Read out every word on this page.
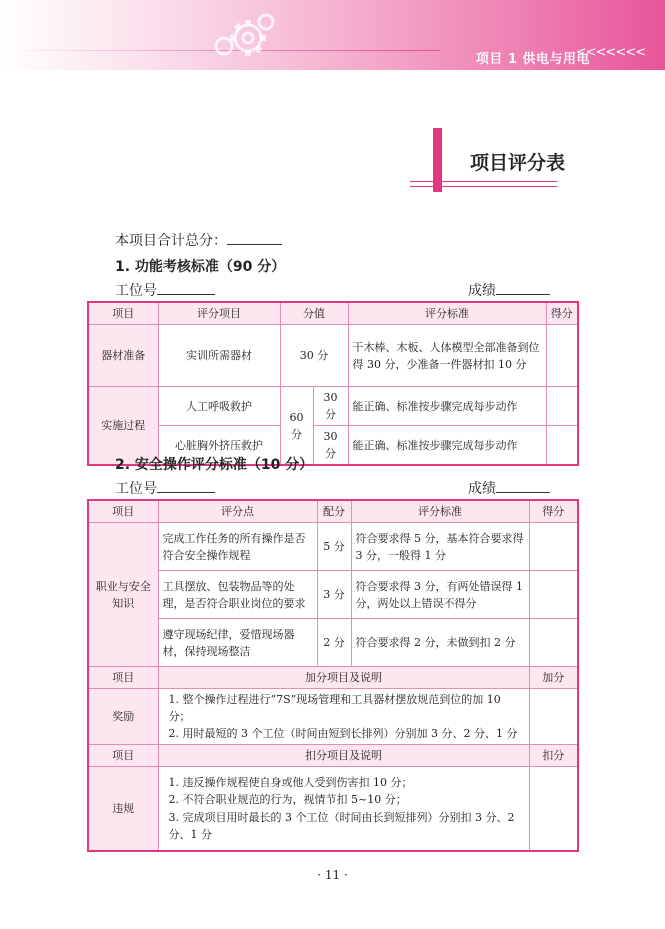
项目 1 供电与用电
<<<<<<<
项目评分表
本项目合计总分：
1. 功能考核标准（90 分）
工位号	成绩
项目	评分项目	分值		评分标准	得分
器材准备	实训所需器材	30 分		干木棒、木板、人体模型全部准备到位得 30 分，少准备一件器材扣 10 分	
实施过程	人工呼吸救护	60 分	30 分	能正确、标准按步骤完成每步动作	
	心脏胸外挤压救护		30 分	能正确、标准按步骤完成每步动作	
2. 安全操作评分标准（10 分）
工位号	成绩
项目	评分点	配分	评分标准	得分
职业与安全知识	完成工作任务的所有操作是否符合安全操作规程	5 分	符合要求得 5 分，基本符合要求得 3 分，一般得 1 分	
	工具摆放、包装物品等的处理，是否符合职业岗位的要求	3 分	符合要求得 3 分，有两处错误得 1 分，两处以上错误不得分	
	遵守现场纪律，爱惜现场器材，保持现场整洁	2 分	符合要求得 2 分，未做到扣 2 分	
项目	加分项目及说明			加分
奖励	1. 整个操作过程进行“7S”现场管理和工具器材摆放规范到位的加 10 分；
2. 用时最短的 3 个工位（时间由短到长排列）分别加 3 分、2 分、1 分			

项目	扣分项目及说明			扣分
违规	1. 违反操作规程使自身或他人受到伤害扣 10 分；
2. 不符合职业规范的行为，视情节扣 5~10 分；
3. 完成项目用时最长的 3 个工位（时间由长到短排列）分别扣 3 分、2 分、1 分			

· 11 ·
